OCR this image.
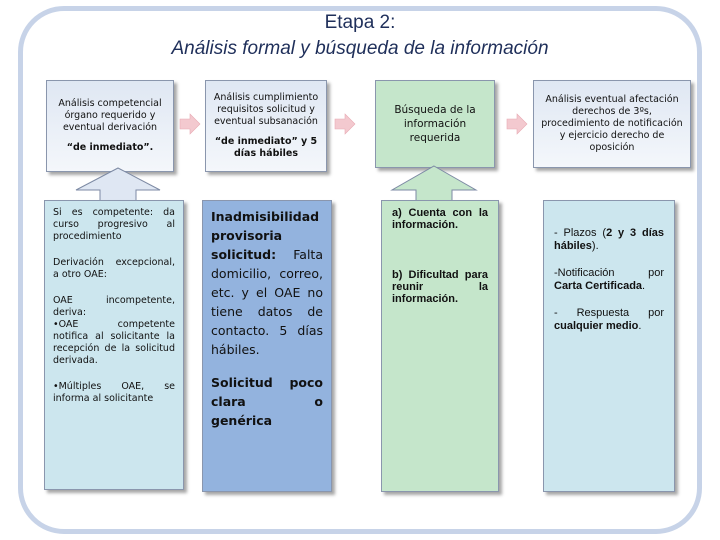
Etapa 2:
Análisis formal y búsqueda de la información
Análisis competencial órgano requerido y eventual derivación
“de inmediato”.
Análisis cumplimiento requisitos solicitud y eventual subsanación
“de inmediato” y 5 días hábiles
Búsqueda de la información requerida
Análisis eventual afectación derechos de 3ºs, procedimiento de notificación y ejercicio derecho de oposición

Si es competente: da curso progresivo al procedimiento

Derivación excepcional, a otro OAE:

OAE incompetente, deriva:
•OAE competente notifica al solicitante la recepción de la solicitud derivada.

•Múltiples OAE, se informa al solicitante

Inadmisibilidad provisoria solicitud: Falta domicilio, correo, etc. y el OAE no tiene datos de contacto. 5 días hábiles.

Solicitud poco clara o genérica

a) Cuenta con la información.

b) Dificultad para reunir la información.

- Plazos (2 y 3 días hábiles).

-Notificación por Carta Certificada.

- Respuesta por cualquier medio.
